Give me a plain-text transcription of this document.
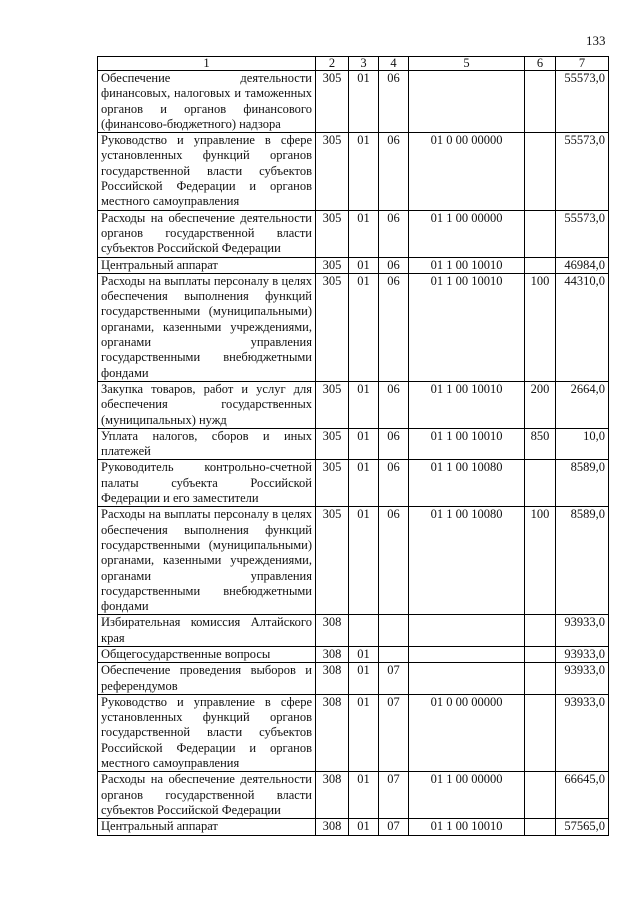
133
1	2	3	4	5	6	7
Обеспечение деятельности финансовых, налоговых и таможенных органов и органов финансового (финансово-бюджетного) надзора	305	01	06			55573,0
Руководство и управление в сфере установленных функций органов государственной власти субъектов Российской Федерации и органов местного самоуправления	305	01	06	01 0 00 00000		55573,0
Расходы на обеспечение деятельности органов государственной власти субъектов Российской Федерации	305	01	06	01 1 00 00000		55573,0
Центральный аппарат	305	01	06	01 1 00 10010		46984,0
Расходы на выплаты персоналу в целях обеспечения выполнения функций государственными (муниципальными) органами, казенными учреждениями, органами управления государственными внебюджетными фондами	305	01	06	01 1 00 10010	100	44310,0
Закупка товаров, работ и услуг для обеспечения государственных (муниципальных) нужд	305	01	06	01 1 00 10010	200	2664,0
Уплата налогов, сборов и иных платежей	305	01	06	01 1 00 10010	850	10,0
Руководитель контрольно-счетной палаты субъекта Российской Федерации и его заместители	305	01	06	01 1 00 10080		8589,0
Расходы на выплаты персоналу в целях обеспечения выполнения функций государственными (муниципальными) органами, казенными учреждениями, органами управления государственными внебюджетными фондами	305	01	06	01 1 00 10080	100	8589,0
Избирательная комиссия Алтайского края	308					93933,0
Общегосударственные вопросы	308	01				93933,0
Обеспечение проведения выборов и референдумов	308	01	07			93933,0
Руководство и управление в сфере установленных функций органов государственной власти субъектов Российской Федерации и органов местного самоуправления	308	01	07	01 0 00 00000		93933,0
Расходы на обеспечение деятельности органов государственной власти субъектов Российской Федерации	308	01	07	01 1 00 00000		66645,0
Центральный аппарат	308	01	07	01 1 00 10010		57565,0
